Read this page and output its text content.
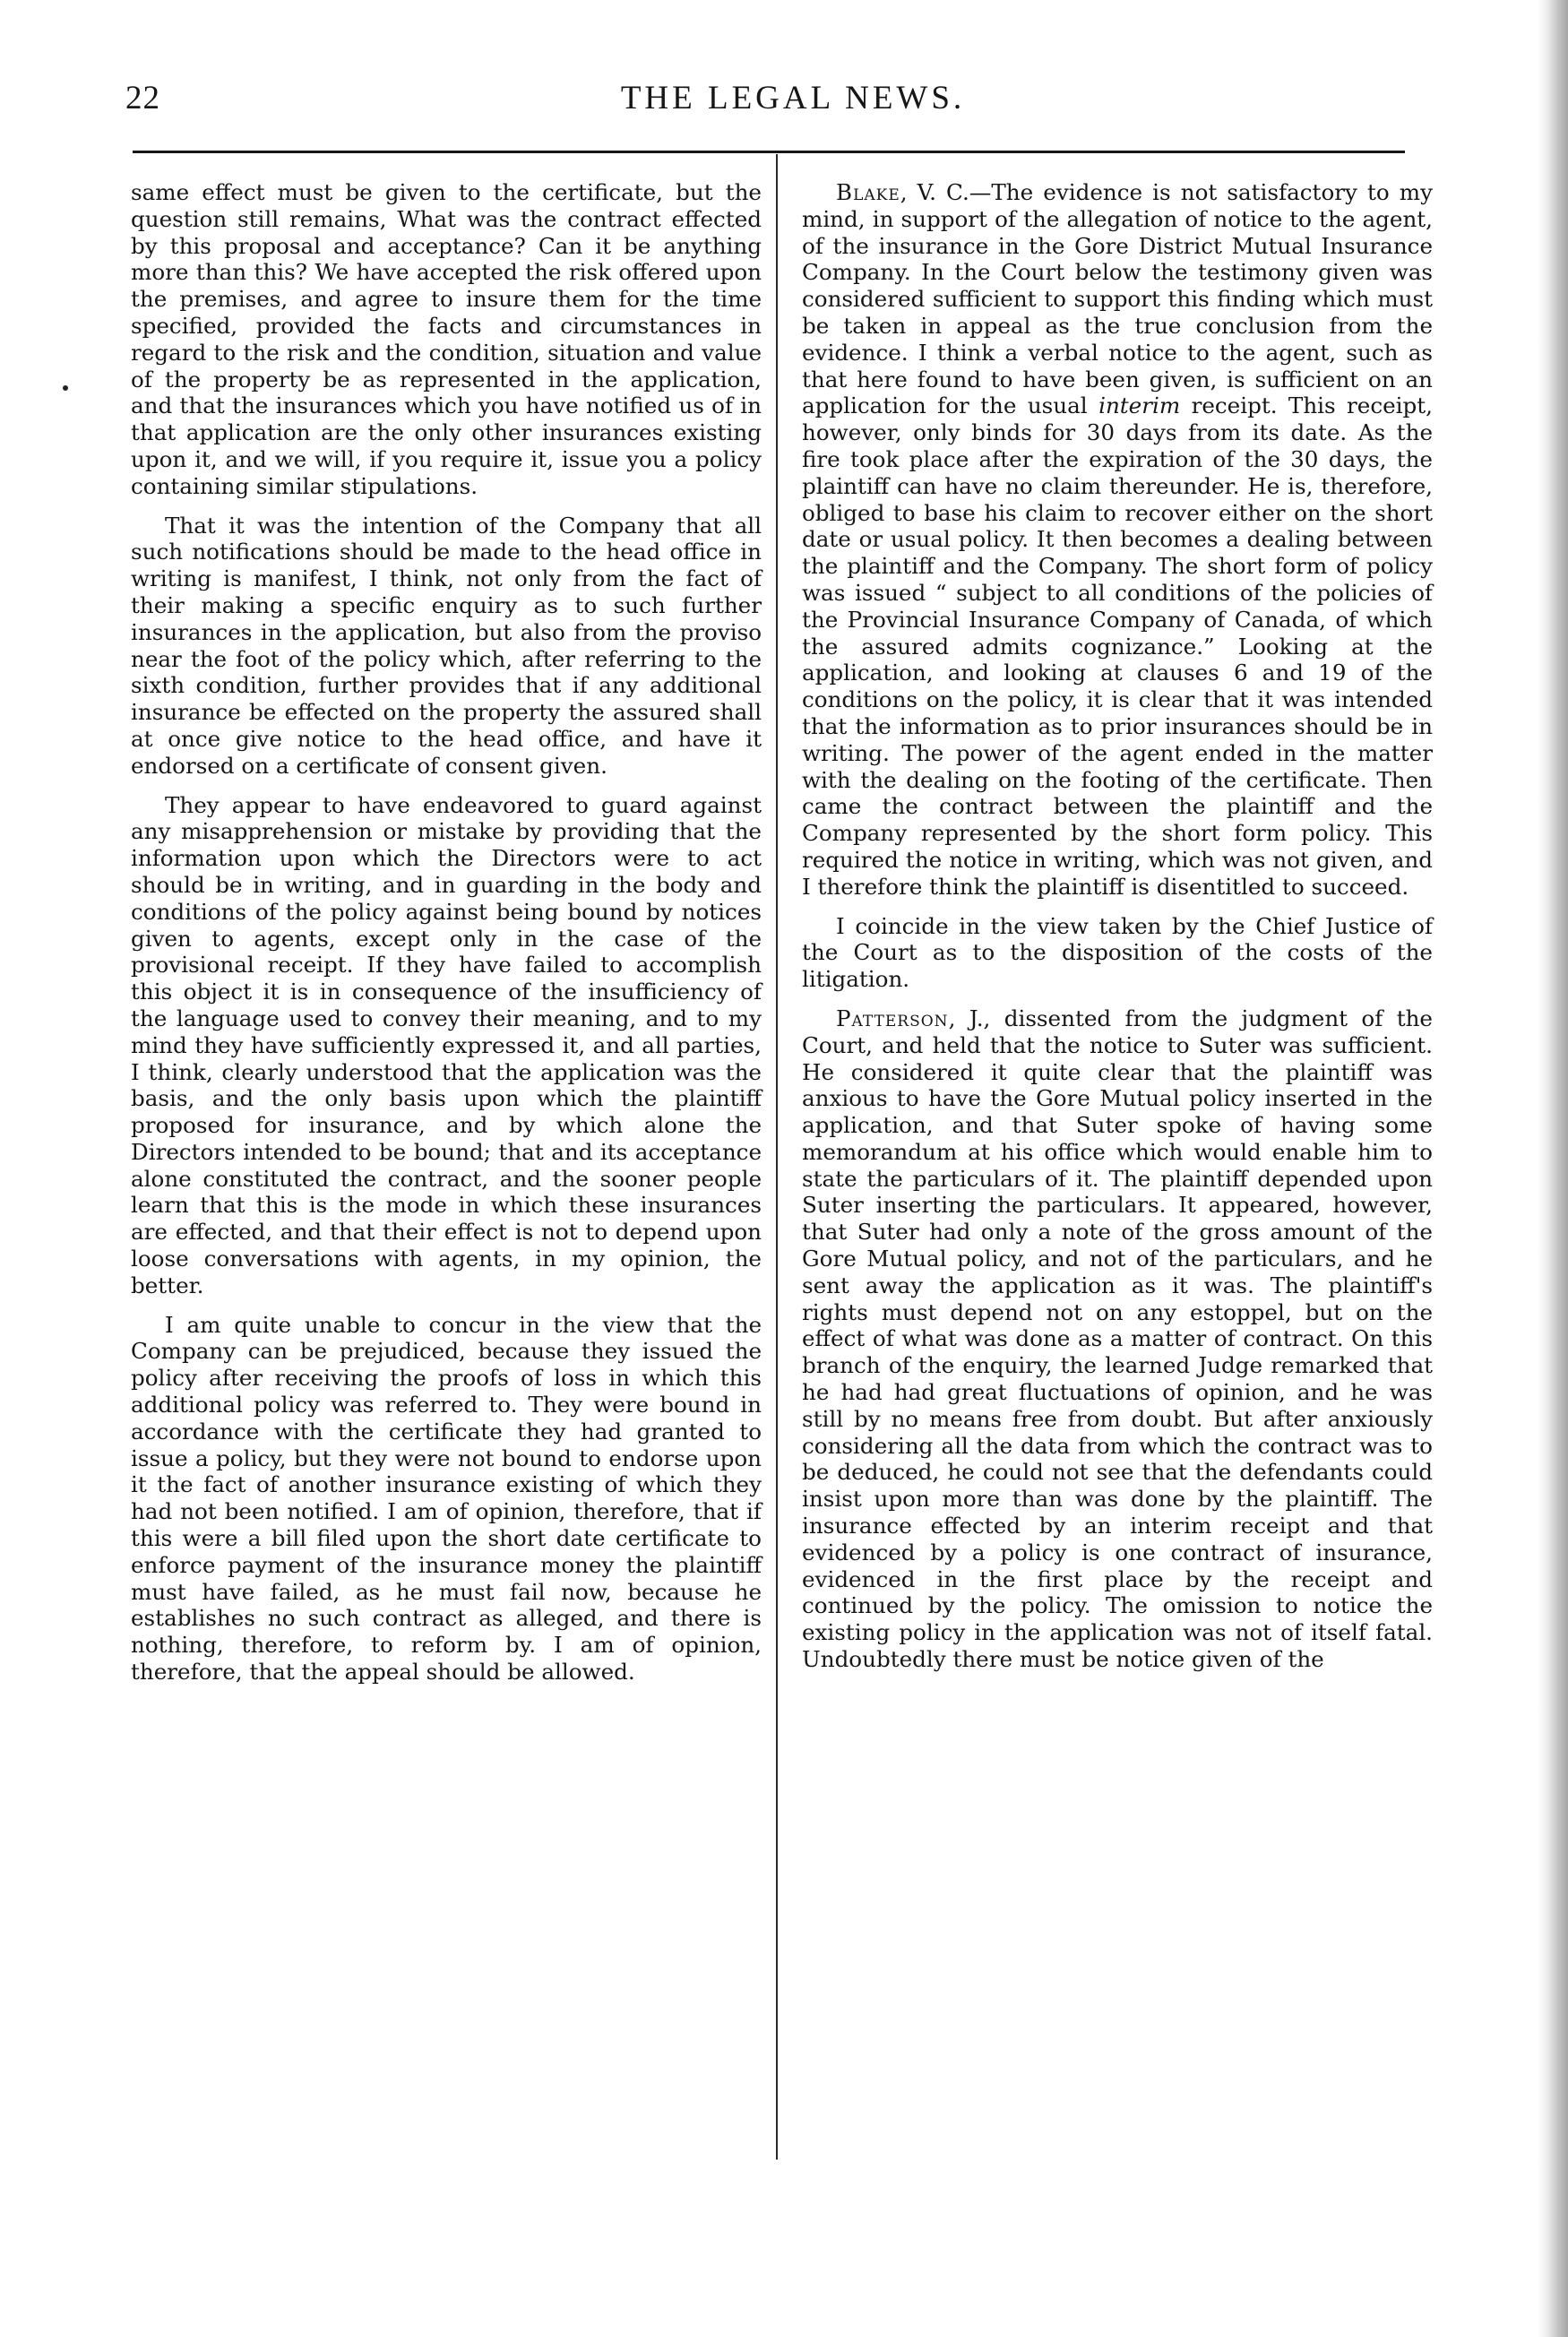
22	THE LEGAL NEWS.

same effect must be given to the certificate, but the question still remains, What was the contract effected by this proposal and acceptance? Can it be anything more than this? We have accepted the risk offered upon the premises, and agree to insure them for the time specified, provided the facts and circumstances in regard to the risk and the condition, situation and value of the property be as represented in the application, and that the insurances which you have notified us of in that application are the only other insurances existing upon it, and we will, if you require it, issue you a policy containing similar stipulations.

That it was the intention of the Company that all such notifications should be made to the head office in writing is manifest, I think, not only from the fact of their making a specific enquiry as to such further insurances in the application, but also from the proviso near the foot of the policy which, after referring to the sixth condition, further provides that if any additional insurance be effected on the property the assured shall at once give notice to the head office, and have it endorsed on a certificate of consent given.

They appear to have endeavored to guard against any misapprehension or mistake by providing that the information upon which the Directors were to act should be in writing, and in guarding in the body and conditions of the policy against being bound by notices given to agents, except only in the case of the provisional receipt. If they have failed to accomplish this object it is in consequence of the insufficiency of the language used to convey their meaning, and to my mind they have sufficiently expressed it, and all parties, I think, clearly understood that the application was the basis, and the only basis upon which the plaintiff proposed for insurance, and by which alone the Directors intended to be bound; that and its acceptance alone constituted the contract, and the sooner people learn that this is the mode in which these insurances are effected, and that their effect is not to depend upon loose conversations with agents, in my opinion, the better.

I am quite unable to concur in the view that the Company can be prejudiced, because they issued the policy after receiving the proofs of loss in which this additional policy was referred to. They were bound in accordance with the certificate they had granted to issue a policy, but they were not bound to endorse upon it the fact of another insurance existing of which they had not been notified. I am of opinion, therefore, that if this were a bill filed upon the short date certificate to enforce payment of the insurance money the plaintiff must have failed, as he must fail now, because he establishes no such contract as alleged, and there is nothing, therefore, to reform by. I am of opinion, therefore, that the appeal should be allowed.

Blake, V. C.—The evidence is not satisfactory to my mind, in support of the allegation of notice to the agent, of the insurance in the Gore District Mutual Insurance Company. In the Court below the testimony given was considered sufficient to support this finding which must be taken in appeal as the true conclusion from the evidence. I think a verbal notice to the agent, such as that here found to have been given, is sufficient on an application for the usual interim receipt. This receipt, however, only binds for 30 days from its date. As the fire took place after the expiration of the 30 days, the plaintiff can have no claim thereunder. He is, therefore, obliged to base his claim to recover either on the short date or usual policy. It then becomes a dealing between the plaintiff and the Company. The short form of policy was issued “ subject to all conditions of the policies of the Provincial Insurance Company of Canada, of which the assured admits cognizance.” Looking at the application, and looking at clauses 6 and 19 of the conditions on the policy, it is clear that it was intended that the information as to prior insurances should be in writing. The power of the agent ended in the matter with the dealing on the footing of the certificate. Then came the contract between the plaintiff and the Company represented by the short form policy. This required the notice in writing, which was not given, and I therefore think the plaintiff is disentitled to succeed.

I coincide in the view taken by the Chief Justice of the Court as to the disposition of the costs of the litigation.

Patterson, J., dissented from the judgment of the Court, and held that the notice to Suter was sufficient. He considered it quite clear that the plaintiff was anxious to have the Gore Mutual policy inserted in the application, and that Suter spoke of having some memorandum at his office which would enable him to state the particulars of it. The plaintiff depended upon Suter inserting the particulars. It appeared, however, that Suter had only a note of the gross amount of the Gore Mutual policy, and not of the particulars, and he sent away the application as it was. The plaintiff's rights must depend not on any estoppel, but on the effect of what was done as a matter of contract. On this branch of the enquiry, the learned Judge remarked that he had had great fluctuations of opinion, and he was still by no means free from doubt. But after anxiously considering all the data from which the contract was to be deduced, he could not see that the defendants could insist upon more than was done by the plaintiff. The insurance effected by an interim receipt and that evidenced by a policy is one contract of insurance, evidenced in the first place by the receipt and continued by the policy. The omission to notice the existing policy in the application was not of itself fatal. Undoubtedly there must be notice given of the
